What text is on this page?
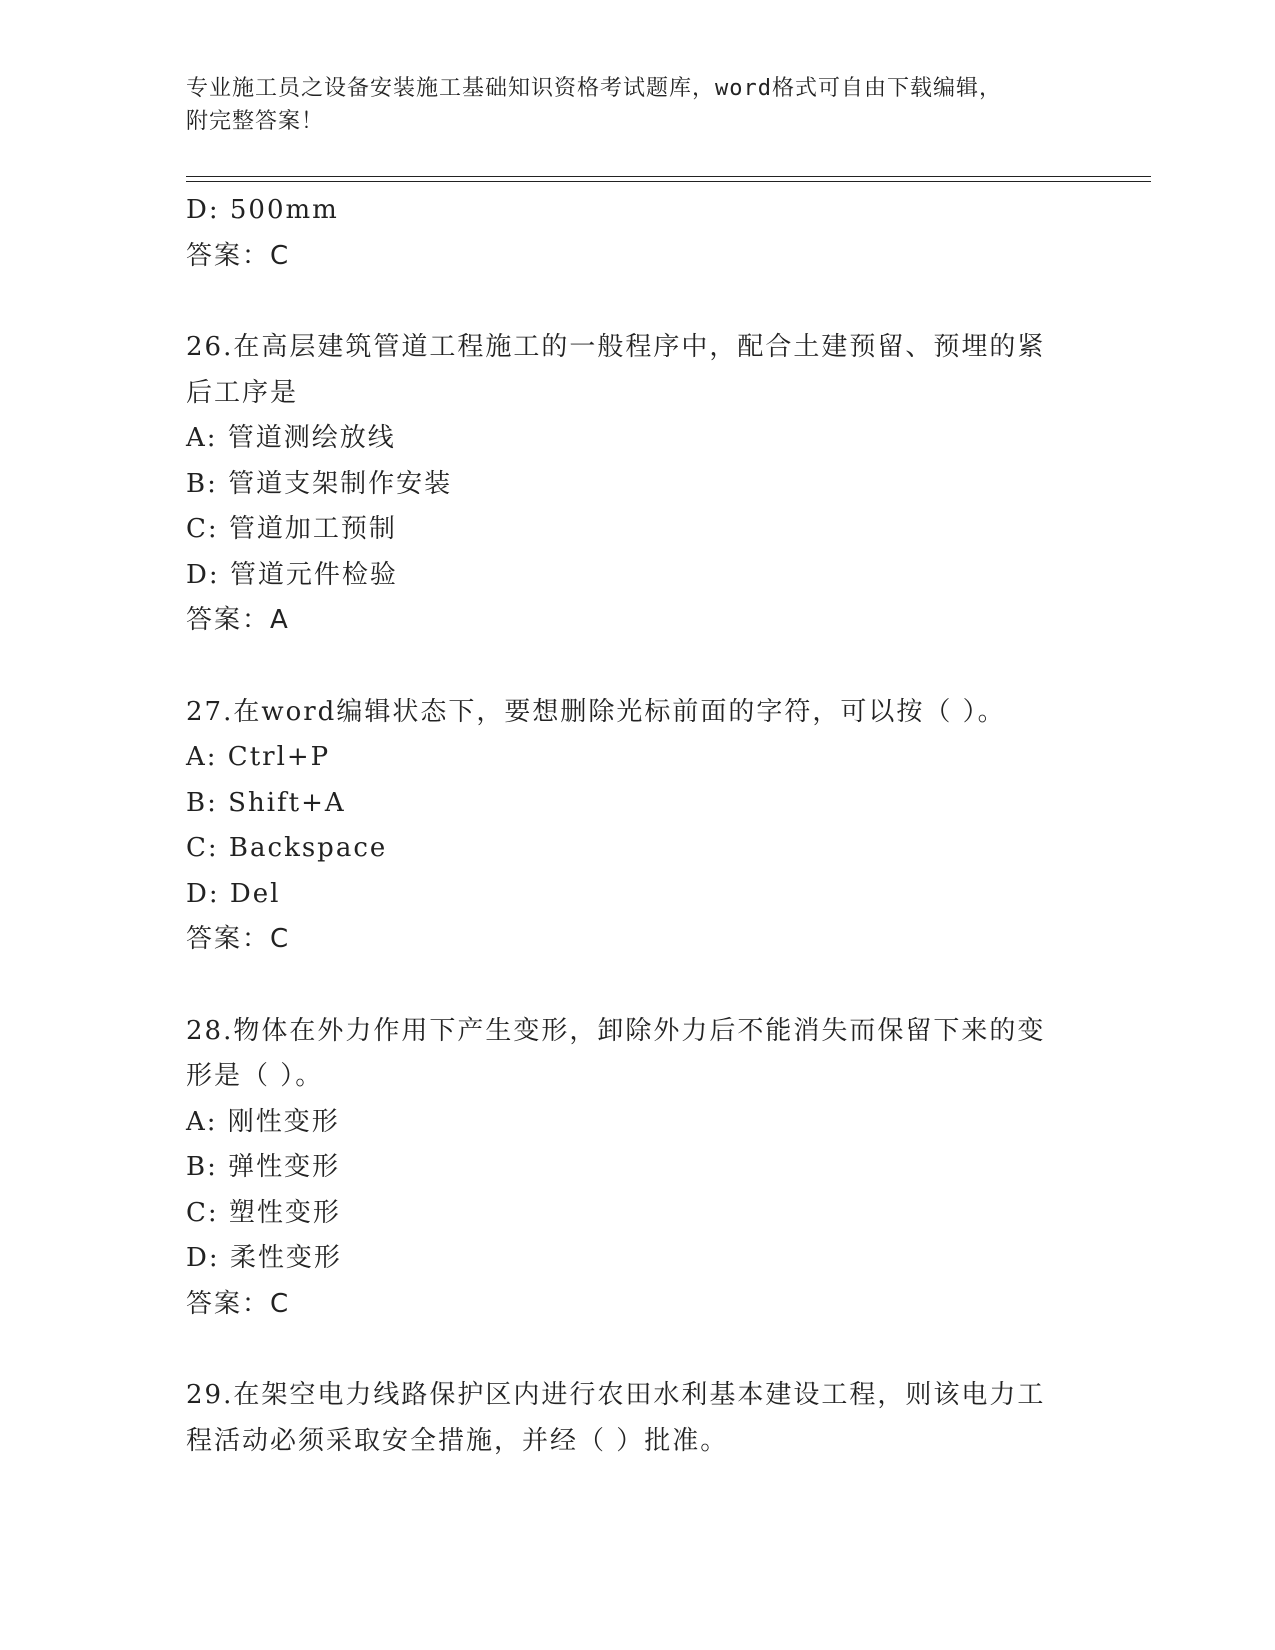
专业施工员之设备安装施工基础知识资格考试题库，word格式可自由下载编辑，
附完整答案！
D: 500mm
答案：C
26.在高层建筑管道工程施工的一般程序中，配合土建预留、预埋的紧
后工序是
A: 管道测绘放线
B: 管道支架制作安装
C: 管道加工预制
D: 管道元件检验
答案：A
27.在word编辑状态下，要想删除光标前面的字符，可以按（ ）。
A: Ctrl+P
B: Shift+A
C: Backspace
D: Del
答案：C
28.物体在外力作用下产生变形，卸除外力后不能消失而保留下来的变
形是（ ）。
A: 刚性变形
B: 弹性变形
C: 塑性变形
D: 柔性变形
答案：C
29.在架空电力线路保护区内进行农田水利基本建设工程，则该电力工
程活动必须采取安全措施，并经（ ）批准。
